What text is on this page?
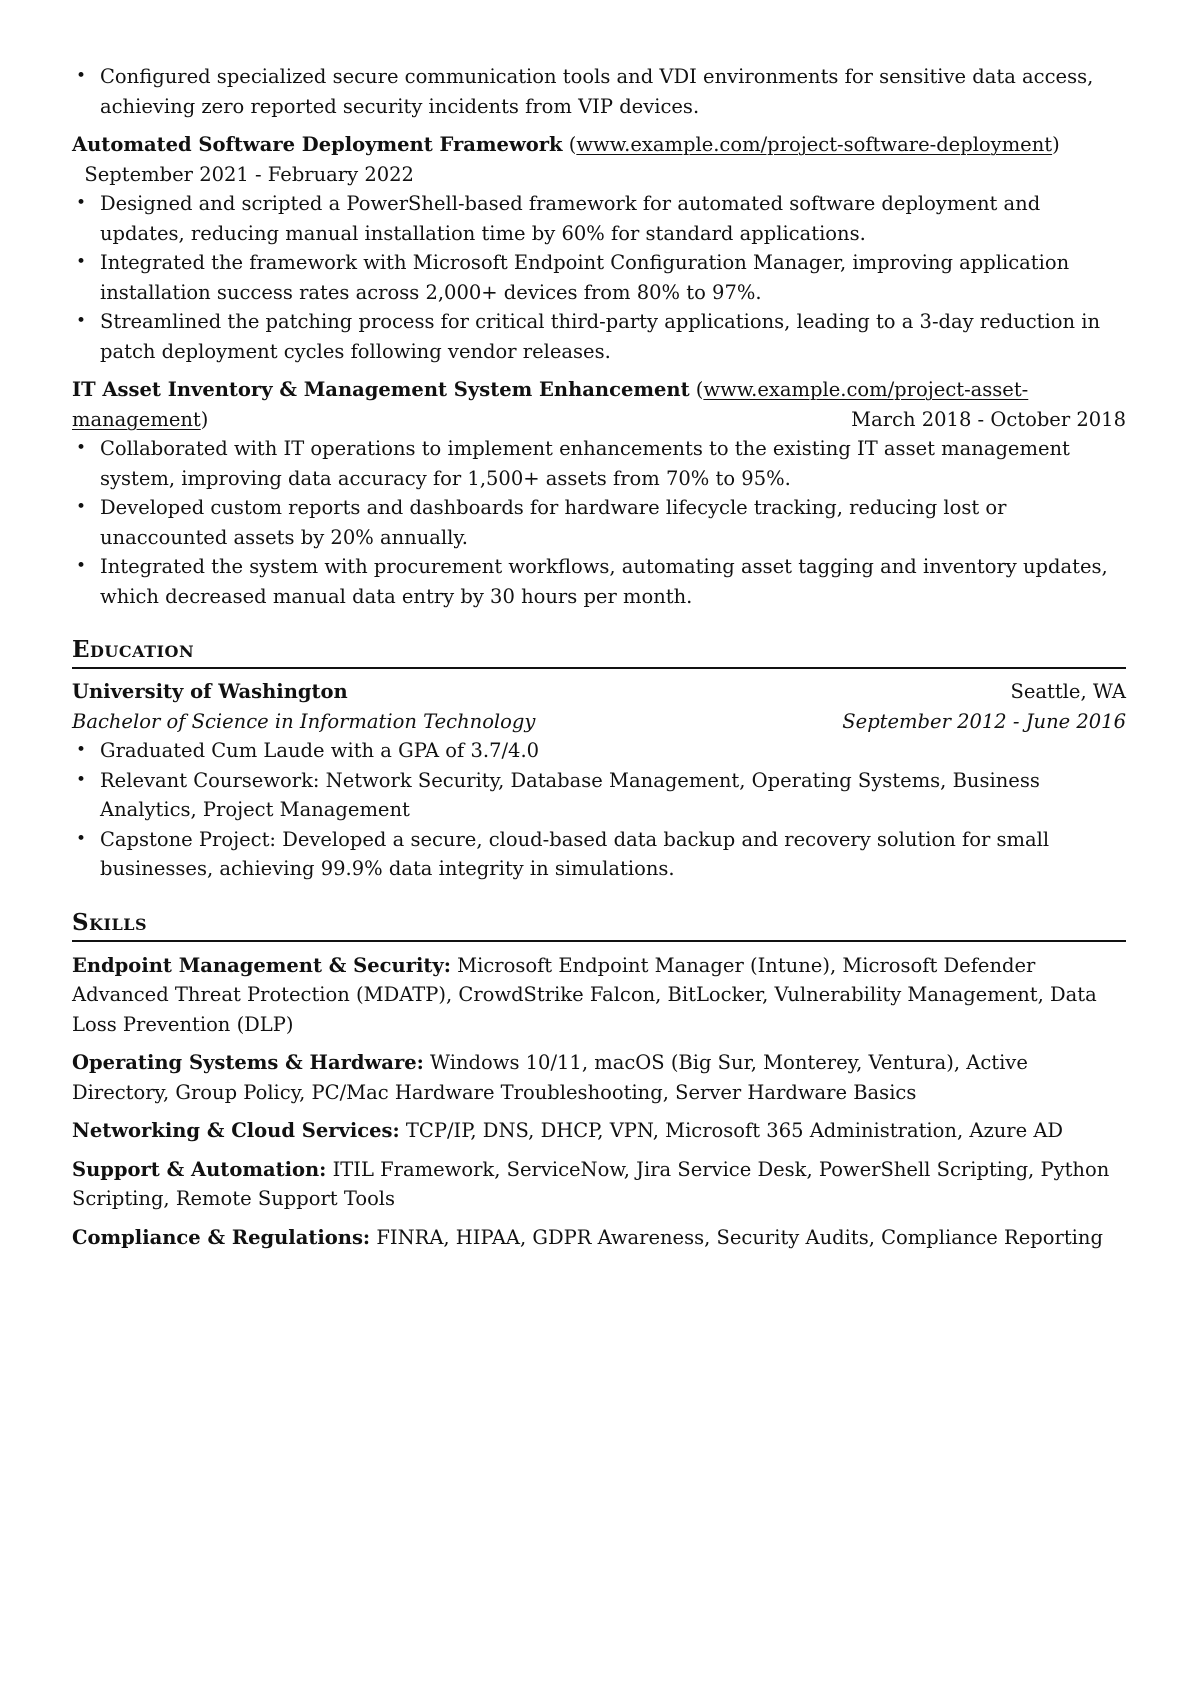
• Configured specialized secure communication tools and VDI environments for sensitive data access, achieving zero reported security incidents from VIP devices.
Automated Software Deployment Framework (www.example.com/project-software-deployment)   September 2021 - February 2022
• Designed and scripted a PowerShell-based framework for automated software deployment and updates, reducing manual installation time by 60% for standard applications.
• Integrated the framework with Microsoft Endpoint Configuration Manager, improving application installation success rates across 2,000+ devices from 80% to 97%.
• Streamlined the patching process for critical third-party applications, leading to a 3-day reduction in patch deployment cycles following vendor releases.
IT Asset Inventory & Management System Enhancement (www.example.com/project-asset-management)	March 2018 - October 2018
• Collaborated with IT operations to implement enhancements to the existing IT asset management system, improving data accuracy for 1,500+ assets from 70% to 95%.
• Developed custom reports and dashboards for hardware lifecycle tracking, reducing lost or unaccounted assets by 20% annually.
• Integrated the system with procurement workflows, automating asset tagging and inventory updates, which decreased manual data entry by 30 hours per month.
Education
University of Washington	Seattle, WA
Bachelor of Science in Information Technology	September 2012 - June 2016
• Graduated Cum Laude with a GPA of 3.7/4.0
• Relevant Coursework: Network Security, Database Management, Operating Systems, Business Analytics, Project Management
• Capstone Project: Developed a secure, cloud-based data backup and recovery solution for small businesses, achieving 99.9% data integrity in simulations.
Skills
Endpoint Management & Security: Microsoft Endpoint Manager (Intune), Microsoft Defender Advanced Threat Protection (MDATP), CrowdStrike Falcon, BitLocker, Vulnerability Management, Data Loss Prevention (DLP)
Operating Systems & Hardware: Windows 10/11, macOS (Big Sur, Monterey, Ventura), Active Directory, Group Policy, PC/Mac Hardware Troubleshooting, Server Hardware Basics
Networking & Cloud Services: TCP/IP, DNS, DHCP, VPN, Microsoft 365 Administration, Azure AD
Support & Automation: ITIL Framework, ServiceNow, Jira Service Desk, PowerShell Scripting, Python Scripting, Remote Support Tools
Compliance & Regulations: FINRA, HIPAA, GDPR Awareness, Security Audits, Compliance Reporting
